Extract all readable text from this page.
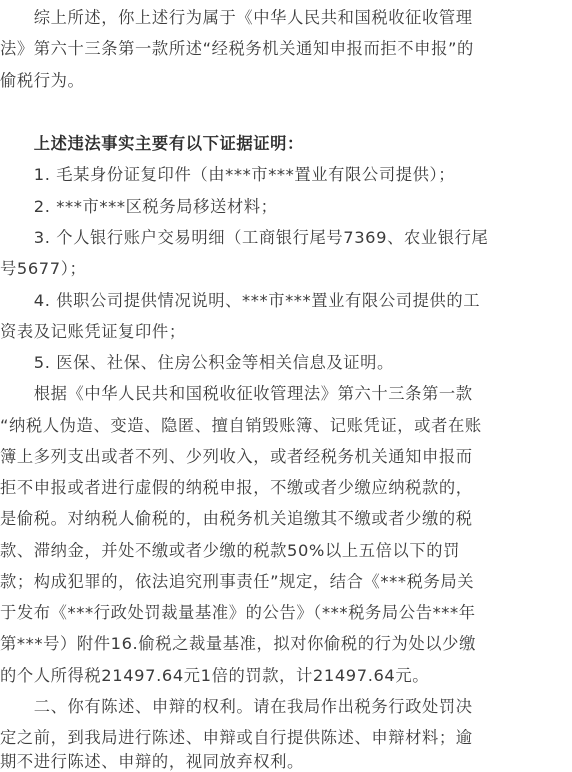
　　综上所述，你上述行为属于《中华人民共和国税收征收管理
法》第六十三条第一款所述“经税务机关通知申报而拒不申报”的
偷税行为。
　　上述违法事实主要有以下证据证明：
　　1. 毛某身份证复印件（由***市***置业有限公司提供）；
　　2. ***市***区税务局移送材料；
　　3. 个人银行账户交易明细（工商银行尾号7369、农业银行尾
号5677）；
　　4. 供职公司提供情况说明、***市***置业有限公司提供的工
资表及记账凭证复印件；
　　5. 医保、社保、住房公积金等相关信息及证明。
　　根据《中华人民共和国税收征收管理法》第六十三条第一款
“纳税人伪造、变造、隐匿、擅自销毁账簿、记账凭证，或者在账
簿上多列支出或者不列、少列收入，或者经税务机关通知申报而
拒不申报或者进行虚假的纳税申报，不缴或者少缴应纳税款的，
是偷税。对纳税人偷税的，由税务机关追缴其不缴或者少缴的税
款、滞纳金，并处不缴或者少缴的税款50%以上五倍以下的罚
款；构成犯罪的，依法追究刑事责任”规定，结合《***税务局关
于发布《***行政处罚裁量基准》的公告》（***税务局公告***年
第***号）附件16.偷税之裁量基准，拟对你偷税的行为处以少缴
的个人所得税21497.64元1倍的罚款，计21497.64元。
　　二、你有陈述、申辩的权利。请在我局作出税务行政处罚决
定之前，到我局进行陈述、申辩或自行提供陈述、申辩材料；逾
期不进行陈述、申辩的，视同放弃权利。
